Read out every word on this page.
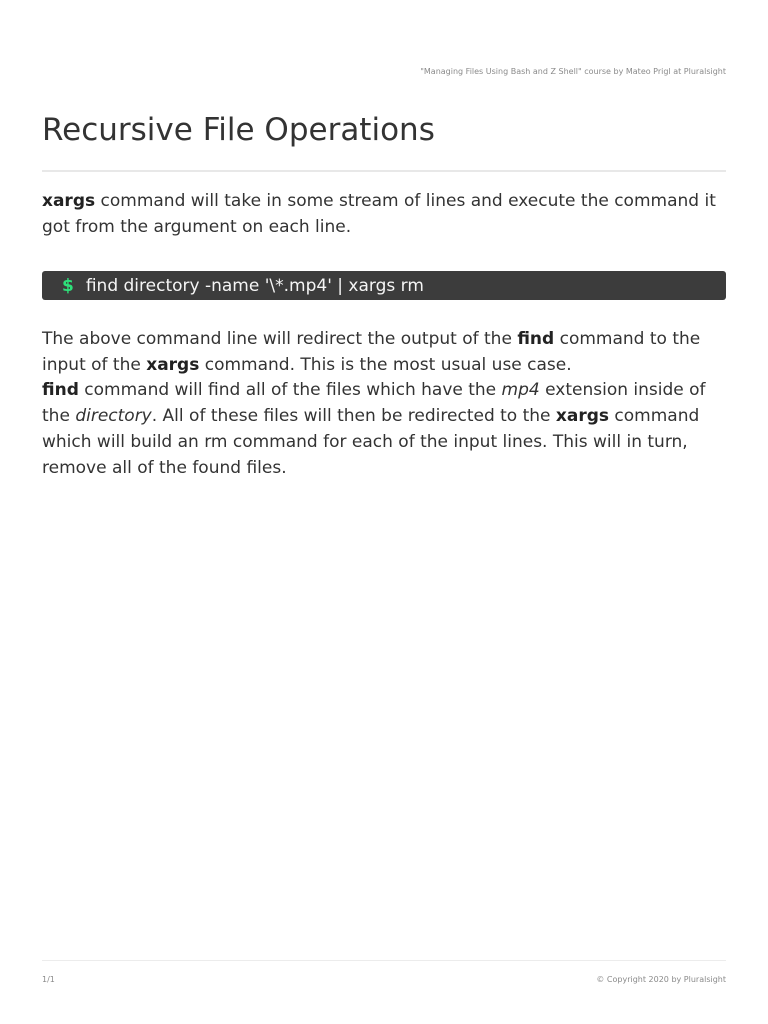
"Managing Files Using Bash and Z Shell" course by Mateo Prigl at Pluralsight
Recursive File Operations

xargs command will take in some stream of lines and execute the command it got from the argument on each line.

$ find directory -name '\*.mp4' | xargs rm

The above command line will redirect the output of the find command to the input of the xargs command. This is the most usual use case.
find command will find all of the files which have the mp4 extension inside of the directory. All of these files will then be redirected to the xargs command which will build an rm command for each of the input lines. This will in turn, remove all of the found files.

1/1	© Copyright 2020 by Pluralsight
